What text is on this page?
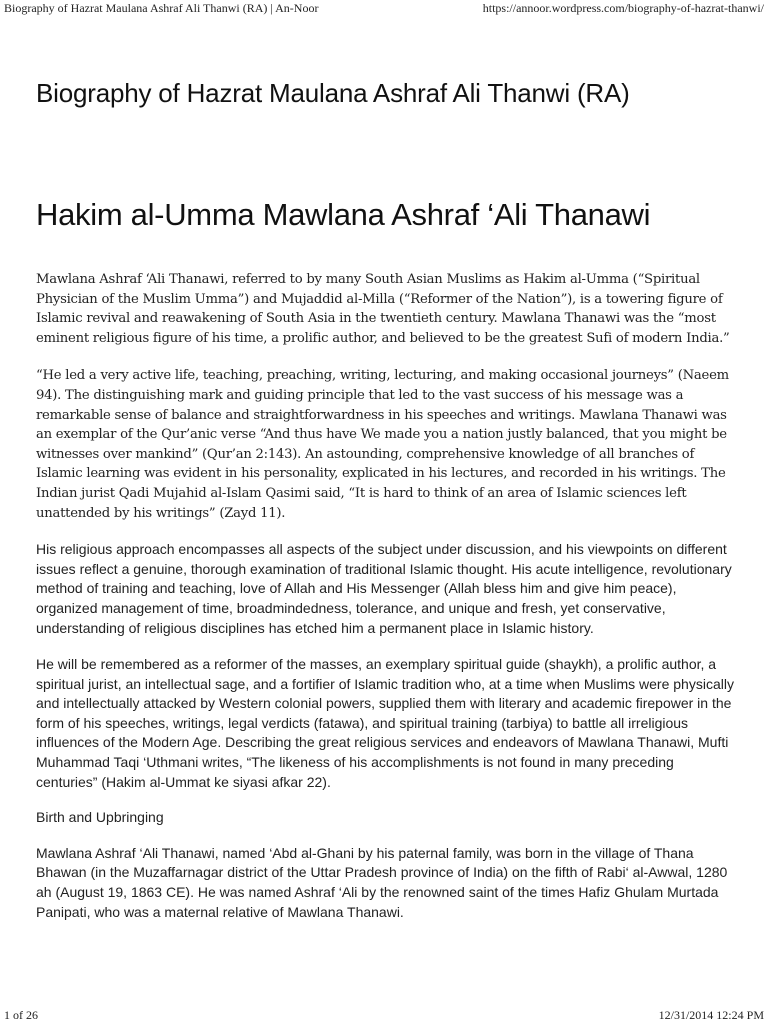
Biography of Hazrat Maulana Ashraf Ali Thanwi (RA) | An-Noor	https://annoor.wordpress.com/biography-of-hazrat-thanwi/
Biography of Hazrat Maulana Ashraf Ali Thanwi (RA)
Hakim al-Umma Mawlana Ashraf ‘Ali Thanawi

Mawlana Ashraf ‘Ali Thanawi, referred to by many South Asian Muslims as Hakim al-Umma (“Spiritual Physician of the Muslim Umma”) and Mujaddid al-Milla (“Reformer of the Nation”), is a towering figure of Islamic revival and reawakening of South Asia in the twentieth century. Mawlana Thanawi was the “most eminent religious figure of his time, a prolific author, and believed to be the greatest Sufi of modern India.”

“He led a very active life, teaching, preaching, writing, lecturing, and making occasional journeys” (Naeem 94). The distinguishing mark and guiding principle that led to the vast success of his message was a remarkable sense of balance and straightforwardness in his speeches and writings. Mawlana Thanawi was an exemplar of the Qur’anic verse “And thus have We made you a nation justly balanced, that you might be witnesses over mankind” (Qur’an 2:143). An astounding, comprehensive knowledge of all branches of Islamic learning was evident in his personality, explicated in his lectures, and recorded in his writings. The Indian jurist Qadi Mujahid al-Islam Qasimi said, “It is hard to think of an area of Islamic sciences left unattended by his writings” (Zayd 11).

His religious approach encompasses all aspects of the subject under discussion, and his viewpoints on different issues reflect a genuine, thorough examination of traditional Islamic thought. His acute intelligence, revolutionary method of training and teaching, love of Allah and His Messenger (Allah bless him and give him peace), organized management of time, broadmindedness, tolerance, and unique and fresh, yet conservative, understanding of religious disciplines has etched him a permanent place in Islamic history.

He will be remembered as a reformer of the masses, an exemplary spiritual guide (shaykh), a prolific author, a spiritual jurist, an intellectual sage, and a fortifier of Islamic tradition who, at a time when Muslims were physically and intellectually attacked by Western colonial powers, supplied them with literary and academic firepower in the form of his speeches, writings, legal verdicts (fatawa), and spiritual training (tarbiya) to battle all irreligious influences of the Modern Age. Describing the great religious services and endeavors of Mawlana Thanawi, Mufti Muhammad Taqi ‘Uthmani writes, “The likeness of his accomplishments is not found in many preceding centuries” (Hakim al-Ummat ke siyasi afkar 22).

Birth and Upbringing

Mawlana Ashraf ‘Ali Thanawi, named ‘Abd al-Ghani by his paternal family, was born in the village of Thana Bhawan (in the Muzaffarnagar district of the Uttar Pradesh province of India) on the fifth of Rabi‘ al-Awwal, 1280 ah (August 19, 1863 CE). He was named Ashraf ‘Ali by the renowned saint of the times Hafiz Ghulam Murtada Panipati, who was a maternal relative of Mawlana Thanawi.

1 of 26	12/31/2014 12:24 PM
